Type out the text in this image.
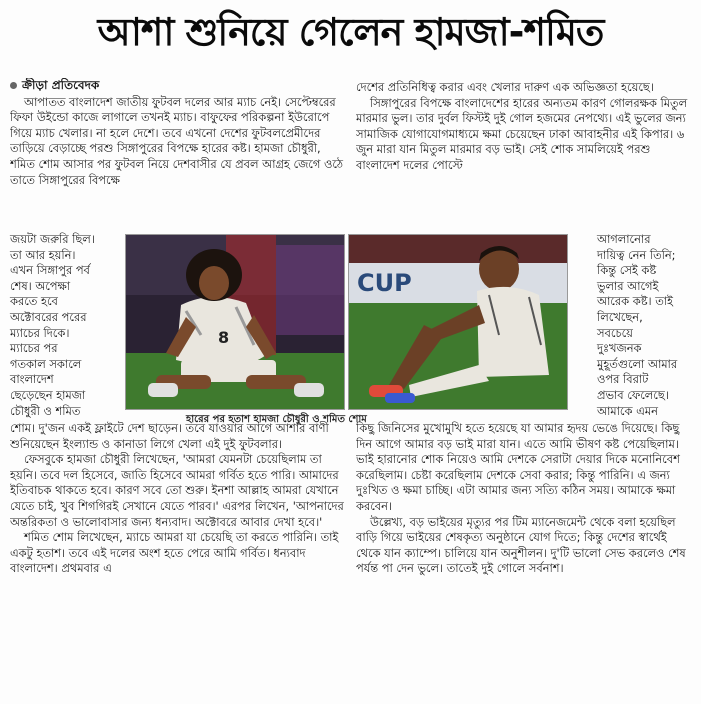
আশা শুনিয়ে গেলেন হামজা-শমিত
ক্রীড়া প্রতিবেদক

আপাতত বাংলাদেশ জাতীয় ফুটবল দলের আর ম্যাচ নেই। সেপ্টেম্বরের ফিফা উইন্ডো কাজে লাগালে তখনই ম্যাচ। বাফুফের পরিকল্পনা ইউরোপে গিয়ে ম্যাচ খেলার। না হলে দেশে। তবে এখনো দেশের ফুটবলপ্রেমীদের তাড়িয়ে বেড়াচ্ছে পরশু সিঙ্গাপুরের বিপক্ষে হারের কষ্ট। হামজা চৌধুরী, শমিত শোম আসার পর ফুটবল নিয়ে দেশবাসীর যে প্রবল আগ্রহ জেগে ওঠে তাতে সিঙ্গাপুরের বিপক্ষে

জয়টা জরুরি ছিল।
তা আর হয়নি।
এখন সিঙ্গাপুর পর্ব
শেষ। অপেক্ষা
করতে হবে
অক্টোবরের পরের
ম্যাচের দিকে।
ম্যাচের পর
গতকাল সকালে
বাংলাদেশ
ছেড়েছেন হামজা
চৌধুরী ও শমিত

শোম। দু'জন একই ফ্লাইটে দেশ ছাড়েন। তবে যাওয়ার আগে আশার বাণী শুনিয়েছেন ইংল্যান্ড ও কানাডা লিগে খেলা এই দুই ফুটবলার।

ফেসবুকে হামজা চৌধুরী লিখেছেন, 'আমরা যেমনটা চেয়েছিলাম তা হয়নি। তবে দল হিসেবে, জাতি হিসেবে আমরা গর্বিত হতে পারি। আমাদের ইতিবাচক থাকতে হবে। কারণ সবে তো শুরু। ইনশা আল্লাহ আমরা যেখানে যেতে চাই, খুব শিগগিরই সেখানে যেতে পারব।' এরপর লিখেন, 'আপনাদের অন্তরিকতা ও ভালোবাসার জন্য ধন্যবাদ। অক্টোবরে আবার দেখা হবে।'

শমিত শোম লিখেছেন, ম্যাচে আমরা যা চেয়েছি তা করতে পারিনি। তাই একটু হতাশ। তবে এই দলের অংশ হতে পেরে আমি গর্বিত। ধন্যবাদ বাংলাদেশ। প্রথমবার এ

দেশের প্রতিনিধিত্ব করার এবং খেলার দারুণ এক অভিজ্ঞতা হয়েছে।

সিঙ্গাপুরের বিপক্ষে বাংলাদেশের হারের অন্যতম কারণ গোলরক্ষক মিতুল মারমার ভুল। তার দুর্বল ফিস্টই দুই গোল হজমের নেপথ্যে। এই ভুলের জন্য সামাজিক যোগাযোগমাধ্যমে ক্ষমা চেয়েছেন ঢাকা আবাহনীর এই কিপার। ৬ জুন মারা যান মিতুল মারমার বড় ভাই। সেই শোক সামলিয়েই পরশু বাংলাদেশ দলের পোস্টে

আগলানোর
দায়িত্ব নেন তিনি;
কিন্তু সেই কষ্ট
ভুলার আগেই
আরেক কষ্ট। তাই
লিখেছেন,
সবচেয়ে
দুঃখজনক
মুহূর্তগুলো আমার
ওপর বিরাট
প্রভাব ফেলেছে।
আমাকে এমন

কিছু জিনিসের মুখোমুখি হতে হয়েছে যা আমার হৃদয় ভেঙে দিয়েছে। কিছু দিন আগে আমার বড় ভাই মারা যান। এতে আমি ভীষণ কষ্ট পেয়েছিলাম। ভাই হারানোর শোক নিয়েও আমি দেশকে সেরাটা দেয়ার দিকে মনোনিবেশ করেছিলাম। চেষ্টা করেছিলাম দেশকে সেবা করার; কিন্তু পারিনি। এ জন্য দুঃখিত ও ক্ষমা চাচ্ছি। এটা আমার জন্য সত্যি কঠিন সময়। আমাকে ক্ষমা করবেন।

উল্লেখ্য, বড় ভাইয়ের মৃত্যুর পর টিম ম্যানেজমেন্ট থেকে বলা হয়েছিল বাড়ি গিয়ে ভাইয়ের শেষকৃত্য অনুষ্ঠানে যোগ দিতে; কিন্তু দেশের স্বার্থেই থেকে যান ক্যাম্পে। চালিয়ে যান অনুশীলন। দু'টি ভালো সেভ করলেও শেষ পর্যন্ত পা দেন ভুলে। তাতেই দুই গোলে সর্বনাশ।

8
CUP
হারের পর হতাশ হামজা চৌধুরী ও শমিত শোম
